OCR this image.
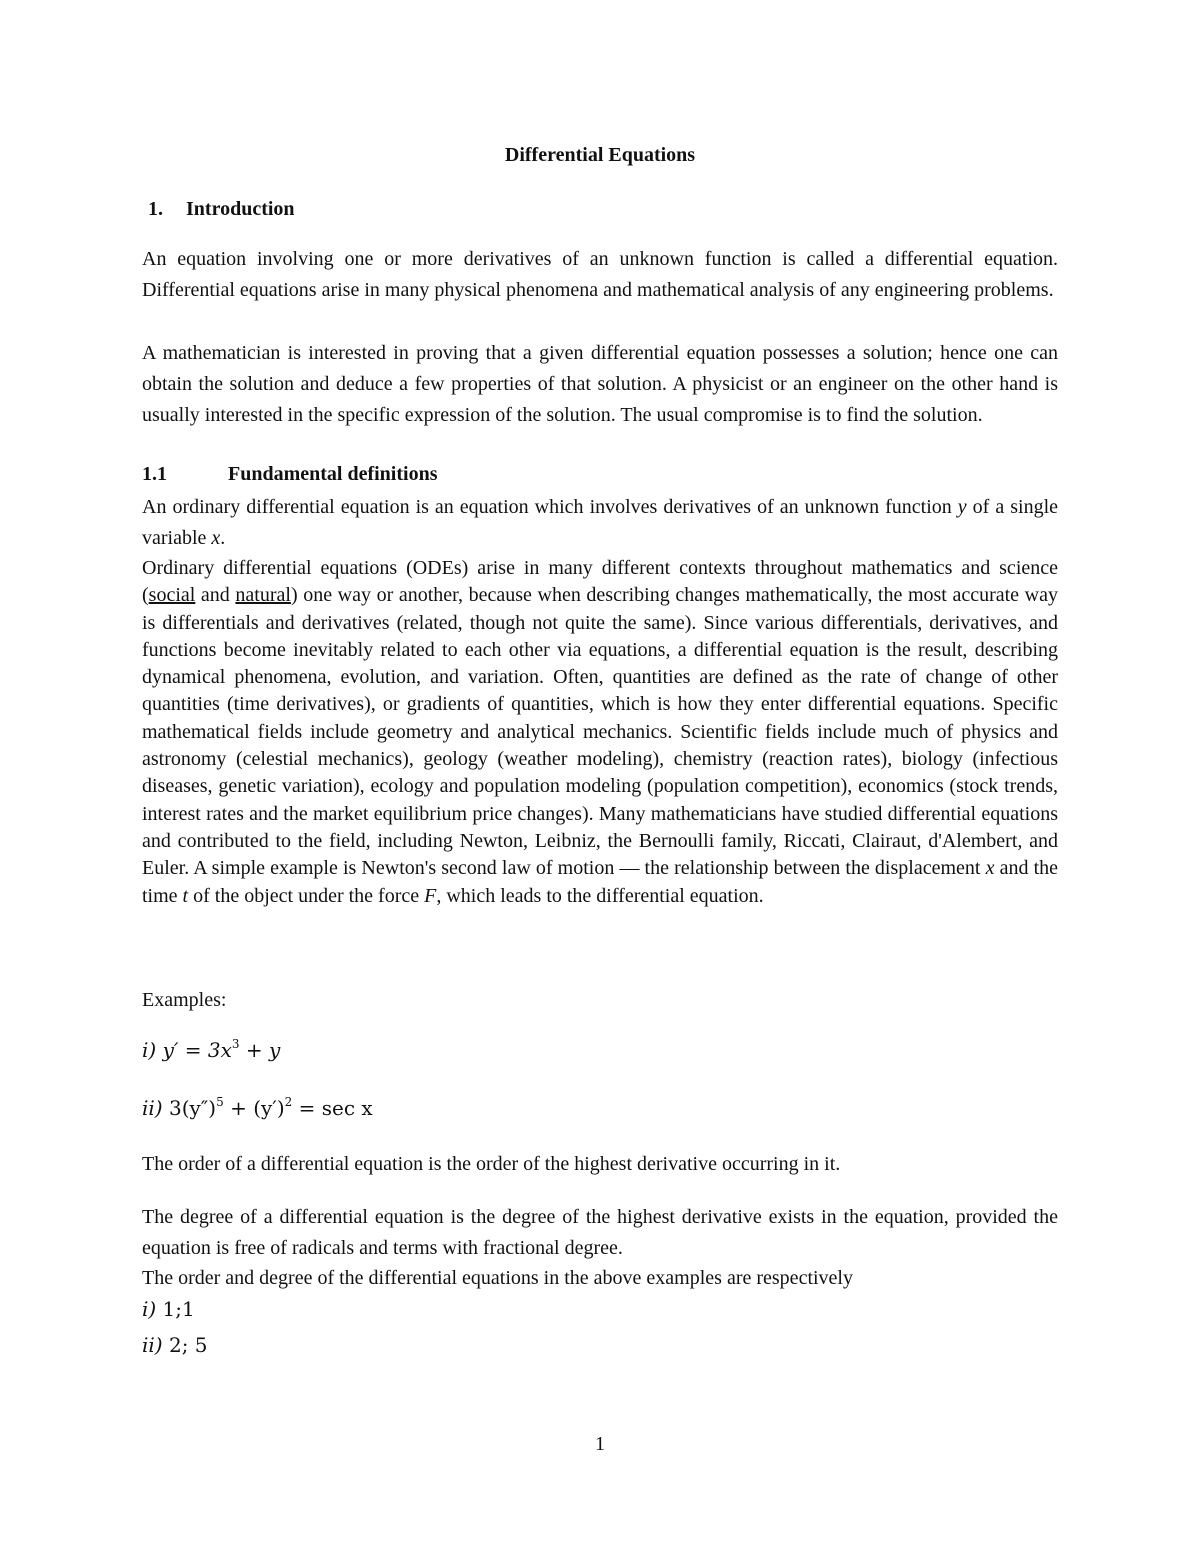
Differential Equations
1. Introduction
An equation involving one or more derivatives of an unknown function is called a differential equation. Differential equations arise in many physical phenomena and mathematical analysis of any engineering problems.
A mathematician is interested in proving that a given differential equation possesses a solution; hence one can obtain the solution and deduce a few properties of that solution. A physicist or an engineer on the other hand is usually interested in the specific expression of the solution. The usual compromise is to find the solution.
1.1	Fundamental definitions
An ordinary differential equation is an equation which involves derivatives of an unknown function y of a single variable x.
Ordinary differential equations (ODEs) arise in many different contexts throughout mathematics and science (social and natural) one way or another, because when describing changes mathematically, the most accurate way is differentials and derivatives (related, though not quite the same). Since various differentials, derivatives, and functions become inevitably related to each other via equations, a differential equation is the result, describing dynamical phenomena, evolution, and variation. Often, quantities are defined as the rate of change of other quantities (time derivatives), or gradients of quantities, which is how they enter differential equations. Specific mathematical fields include geometry and analytical mechanics. Scientific fields include much of physics and astronomy (celestial mechanics), geology (weather modeling), chemistry (reaction rates), biology (infectious diseases, genetic variation), ecology and population modeling (population competition), economics (stock trends, interest rates and the market equilibrium price changes). Many mathematicians have studied differential equations and contributed to the field, including Newton, Leibniz, the Bernoulli family, Riccati, Clairaut, d'Alembert, and Euler. A simple example is Newton's second law of motion — the relationship between the displacement x and the time t of the object under the force F, which leads to the differential equation.
Examples:
i) $y' = 3x^3 + y$
ii) $3(y'')^5 + (y')^2 = \sec x$
The order of a differential equation is the order of the highest derivative occurring in it.
The degree of a differential equation is the degree of the highest derivative exists in the equation, provided the equation is free of radicals and terms with fractional degree.
The order and degree of the differential equations in the above examples are respectively
i) 1;1
ii) 2; 5
1
